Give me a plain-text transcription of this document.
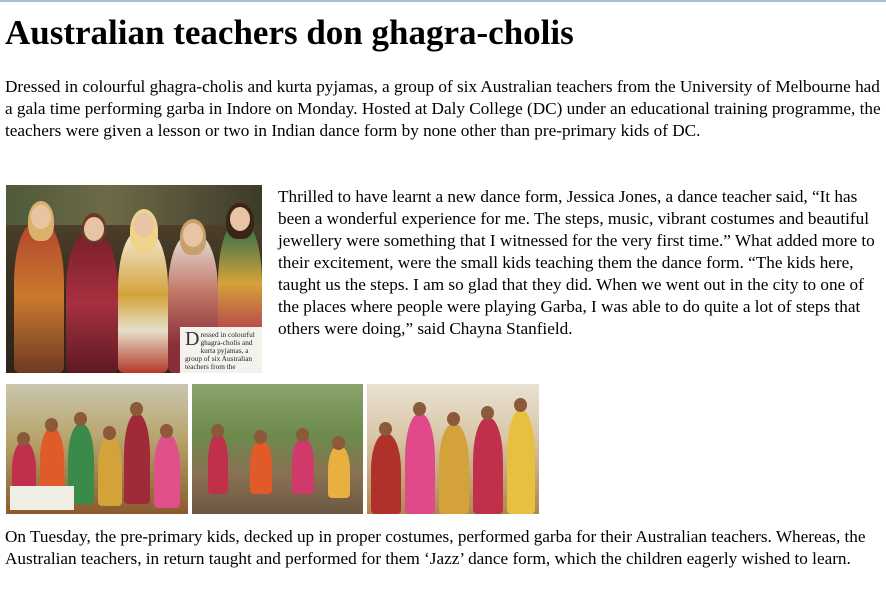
Australian teachers don ghagra-cholis

Dressed in colourful ghagra-cholis and kurta pyjamas, a group of six Australian teachers from the University of Melbourne had a gala time performing garba in Indore on Monday. Hosted at Daly College (DC) under an educational training programme, the teachers were given a lesson or two in Indian dance form by none other than pre-primary kids of DC.

Dressed in colourful ghagra-cholis and kurta pyjamas, a group of six Australian teachers from the

Thrilled to have learnt a new dance form, Jessica Jones, a dance teacher said, “It has been a wonderful experience for me. The steps, music, vibrant costumes and beautiful jewellery were something that I witnessed for the very first time.” What added more to their excitement, were the small kids teaching them the dance form. “The kids here, taught us the steps. I am so glad that they did. When we went out in the city to one of the places where people were playing Garba, I was able to do quite a lot of steps that others were doing,” said Chayna Stanfield.

On Tuesday, the pre-primary kids, decked up in proper costumes, performed garba for their Australian teachers. Whereas, the Australian teachers, in return taught and performed for them ‘Jazz’ dance form, which the children eagerly wished to learn.
